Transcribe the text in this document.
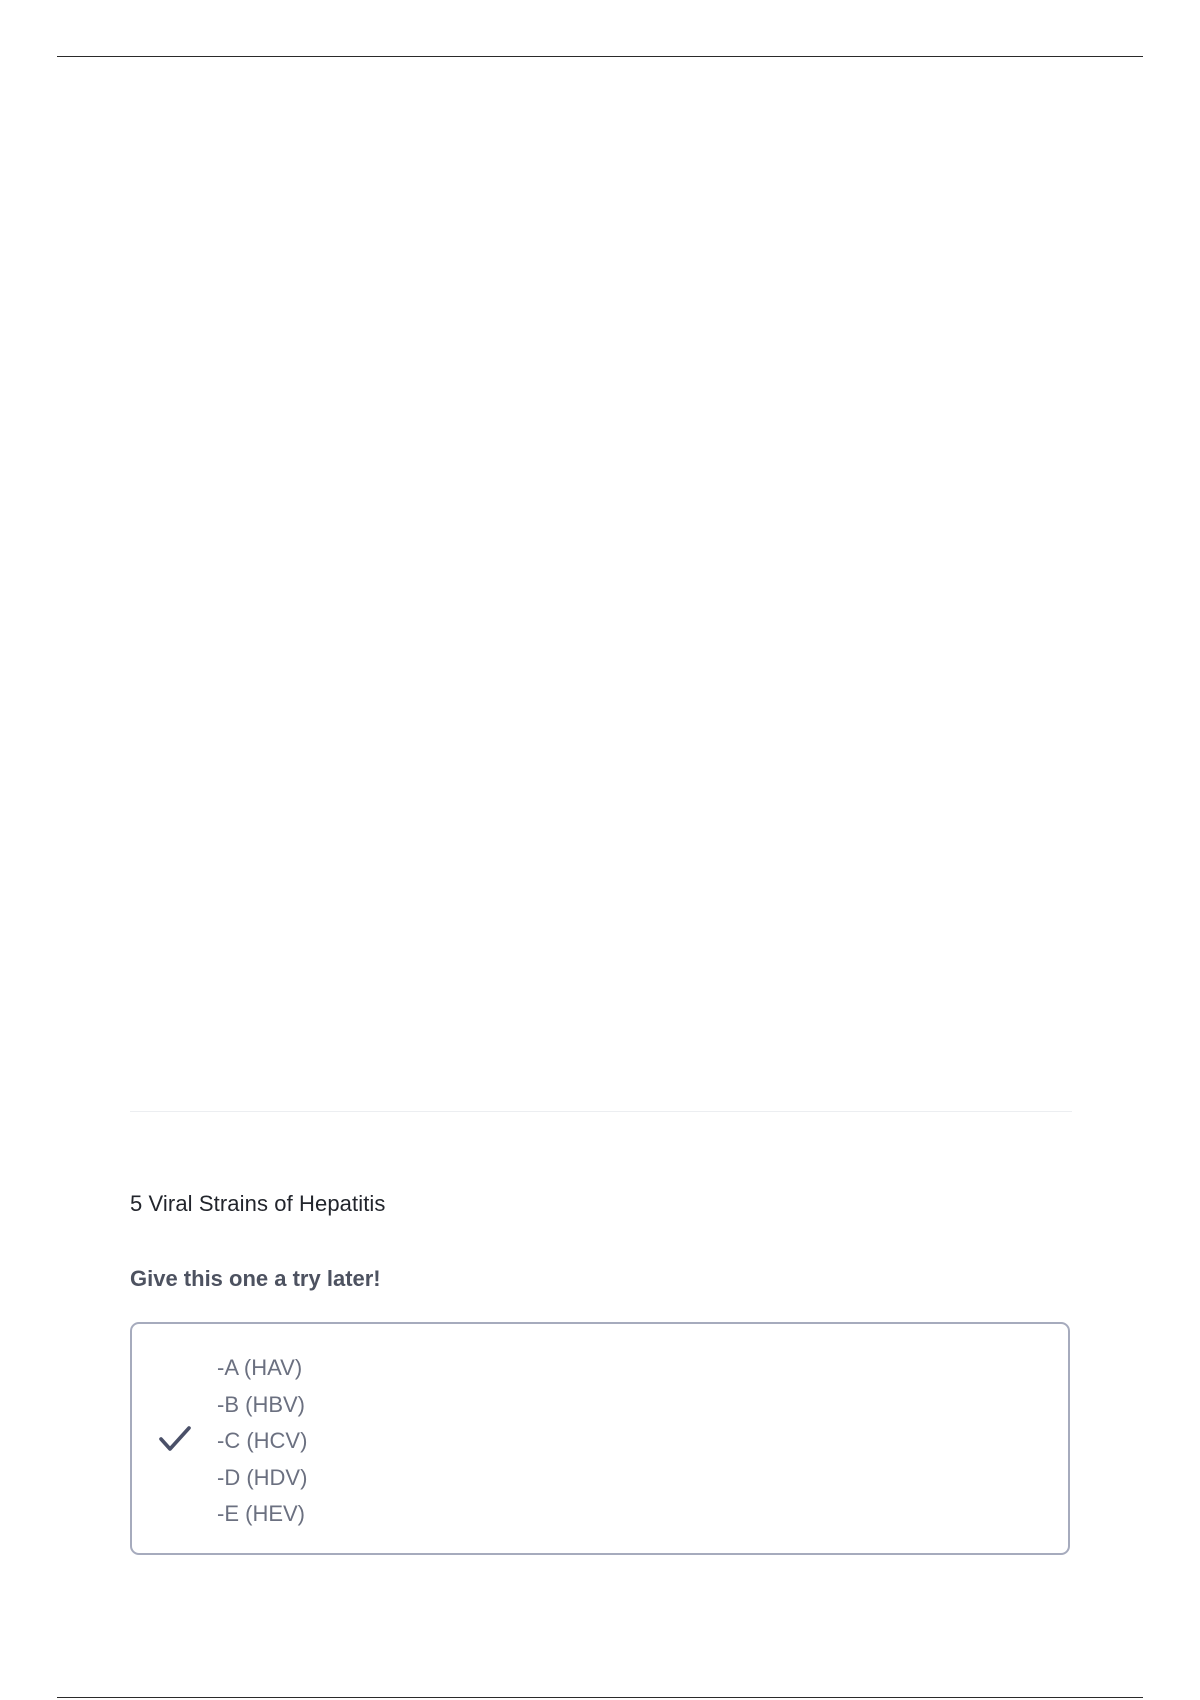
5 Viral Strains of Hepatitis
Give this one a try later!
-A (HAV)
-B (HBV)
-C (HCV)
-D (HDV)
-E (HEV)
